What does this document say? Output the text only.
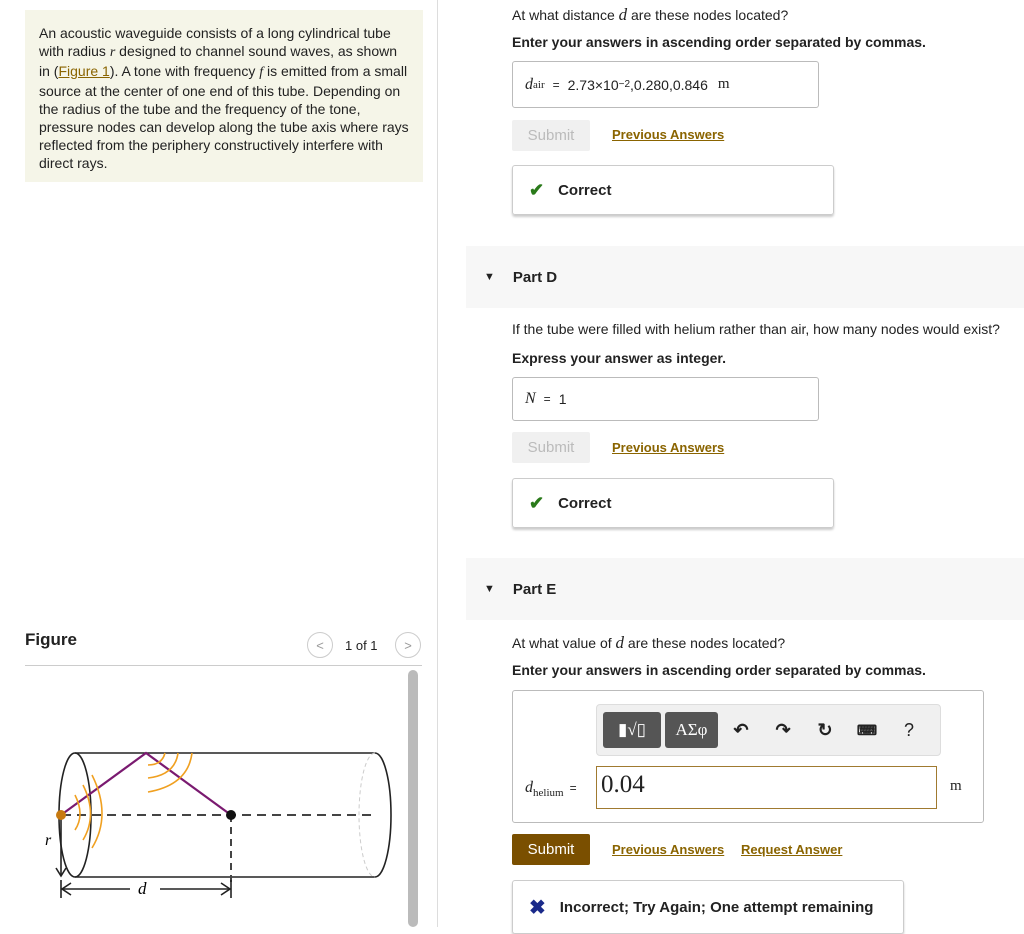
An acoustic waveguide consists of a long cylindrical tube with radius r designed to channel sound waves, as shown in (Figure 1). A tone with frequency f is emitted from a small source at the center of one end of this tube. Depending on the radius of the tube and the frequency of the tone, pressure nodes can develop along the tube axis where rays reflected from the periphery constructively interfere with direct rays.
Figure	< 1 of 1 >
r
d
At what distance d are these nodes located?
Enter your answers in ascending order separated by commas.
d air = 2.73×10 −2 ,0.280,0.846 m
Submit	Previous Answers
✔ Correct
▼ Part D
If the tube were filled with helium rather than air, how many nodes would exist?
Express your answer as integer.
N = 1
Submit	Previous Answers
✔ Correct
▼ Part E
At what value of d are these nodes located?
Enter your answers in ascending order separated by commas.
▮√▯	ΑΣφ	↶	↷	↻	⌨	?
$d_{helium} = 0.04$	m
Submit	Previous Answers Request Answer
✖ Incorrect; Try Again; One attempt remaining
